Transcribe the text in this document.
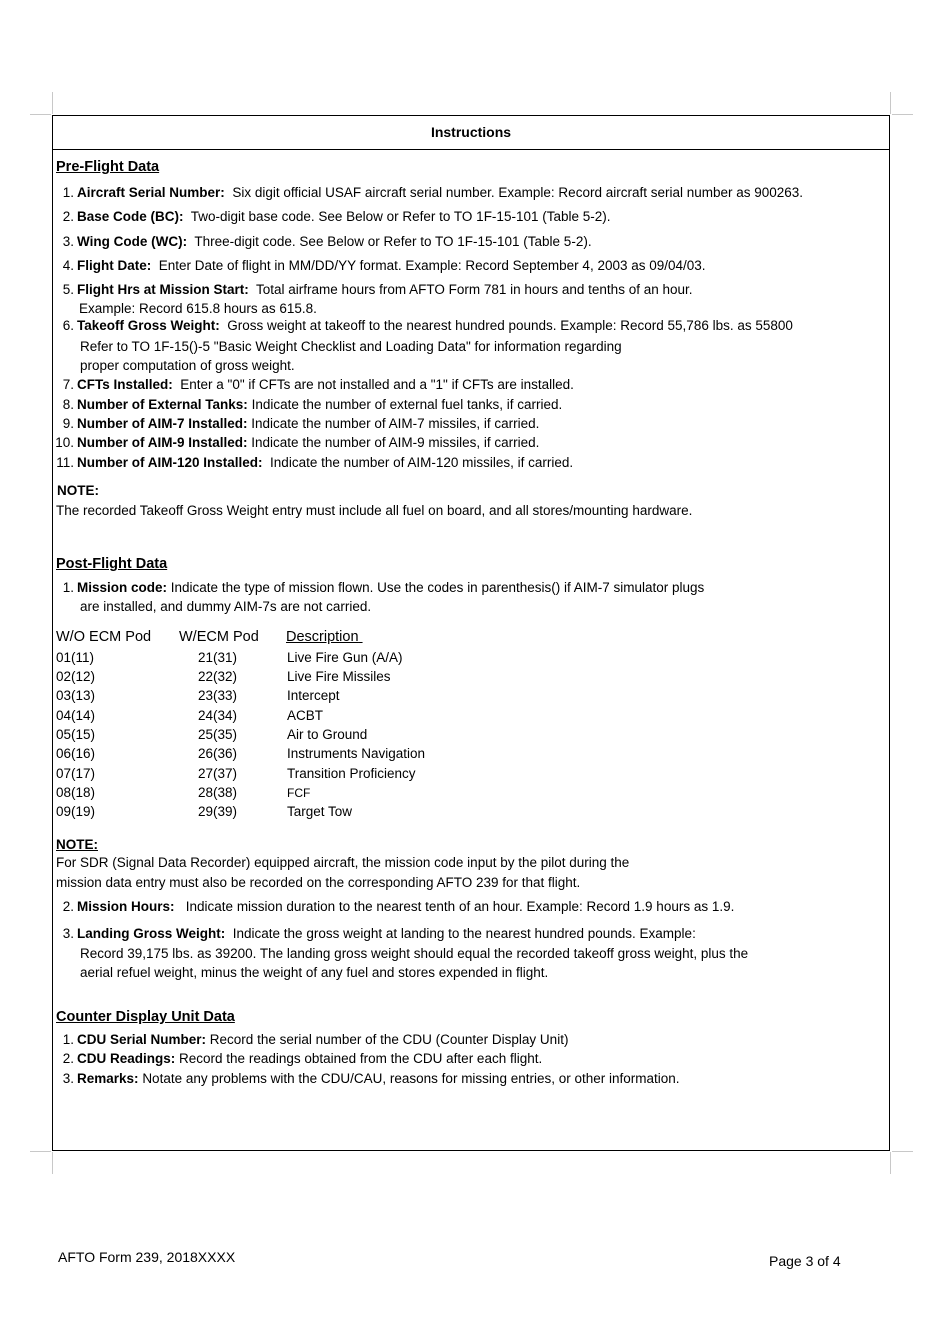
Instructions
Pre-Flight Data
1. Aircraft Serial Number: Six digit official USAF aircraft serial number. Example: Record aircraft serial number as 900263.
2. Base Code (BC): Two-digit base code. See Below or Refer to TO 1F-15-101 (Table 5-2).
3. Wing Code (WC): Three-digit code. See Below or Refer to TO 1F-15-101 (Table 5-2).
4. Flight Date: Enter Date of flight in MM/DD/YY format. Example: Record September 4, 2003 as 09/04/03.
5. Flight Hrs at Mission Start: Total airframe hours from AFTO Form 781 in hours and tenths of an hour.
Example: Record 615.8 hours as 615.8.
6. Takeoff Gross Weight: Gross weight at takeoff to the nearest hundred pounds. Example: Record 55,786 lbs. as 55800
Refer to TO 1F-15()-5 "Basic Weight Checklist and Loading Data" for information regarding
proper computation of gross weight.
7. CFTs Installed: Enter a "0" if CFTs are not installed and a "1" if CFTs are installed.
8. Number of External Tanks: Indicate the number of external fuel tanks, if carried.
9. Number of AIM-7 Installed: Indicate the number of AIM-7 missiles, if carried.
10. Number of AIM-9 Installed: Indicate the number of AIM-9 missiles, if carried.
11. Number of AIM-120 Installed: Indicate the number of AIM-120 missiles, if carried.
NOTE:
The recorded Takeoff Gross Weight entry must include all fuel on board, and all stores/mounting hardware.
Post-Flight Data
1. Mission code: Indicate the type of mission flown. Use the codes in parenthesis() if AIM-7 simulator plugs
are installed, and dummy AIM-7s are not carried.
W/O ECM Pod W/ECM Pod Description
01(11)	21(31)	Live Fire Gun (A/A)
02(12)	22(32)	Live Fire Missiles
03(13)	23(33)	Intercept
04(14)	24(34)	ACBT
05(15)	25(35)	Air to Ground
06(16)	26(36)	Instruments Navigation
07(17)	27(37)	Transition Proficiency
08(18)	28(38)	FCF
09(19)	29(39)	Target Tow
NOTE:
For SDR (Signal Data Recorder) equipped aircraft, the mission code input by the pilot during the
mission data entry must also be recorded on the corresponding AFTO 239 for that flight.
2. Mission Hours: Indicate mission duration to the nearest tenth of an hour. Example: Record 1.9 hours as 1.9.
3. Landing Gross Weight: Indicate the gross weight at landing to the nearest hundred pounds. Example:
Record 39,175 lbs. as 39200. The landing gross weight should equal the recorded takeoff gross weight, plus the
aerial refuel weight, minus the weight of any fuel and stores expended in flight.
Counter Display Unit Data
1. CDU Serial Number: Record the serial number of the CDU (Counter Display Unit)
2. CDU Readings: Record the readings obtained from the CDU after each flight.
3. Remarks: Notate any problems with the CDU/CAU, reasons for missing entries, or other information.
AFTO Form 239, 2018XXXX	Page 3 of 4
